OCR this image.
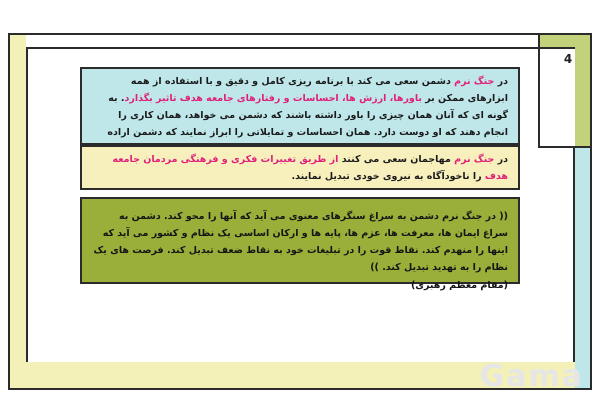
4
در جنگ نرم دشمن سعی می کند با برنامه ریزی کامل و دقیق و با استفاده از همه ابزارهای ممکن بر باورها، ارزش ها، احساسات و رفتارهای جامعه هدف تاثیر بگذارد. به گونه ای که آنان همان چیزی را باور داشته باشند که دشمن می خواهد، همان کاری را انجام دهند که او دوست دارد. همان احساسات و تمایلاتی را ابراز نمایند که دشمن اراده
در جنگ نرم مهاجمان سعی می کنند از طریق تغییرات فکری و فرهنگی مردمان جامعه هدف را ناخودآگاه به نیروی خودی تبدیل نمایند.
(( در جنگ نرم دشمن به سراغ سنگرهای معنوی می آید که آنها را محو کند. دشمن به سراغ ایمان ها، معرفت ها، عزم ها، پایه ها و ارکان اساسی یک نظام و کشور می آید که اینها را منهدم کند. نقاط قوت را در تبلیغات خود به نقاط ضعف تبدیل کند. فرصت های یک نظام را به تهدید تبدیل کند. ))
(مقام معظم رهبری)
Gama
